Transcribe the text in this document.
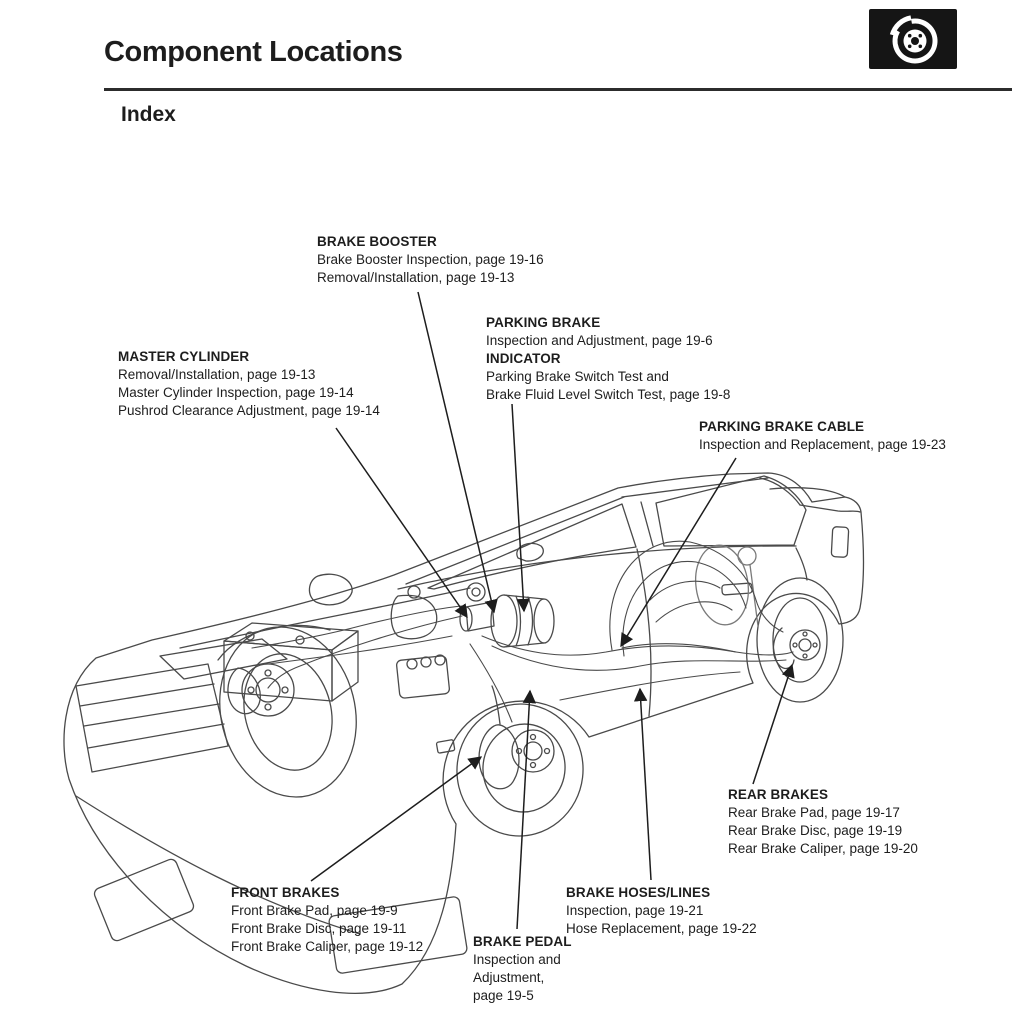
Component Locations
Index
BRAKE BOOSTER
Brake Booster Inspection, page 19-16
Removal/Installation, page 19-13
PARKING BRAKE
Inspection and Adjustment, page 19-6
INDICATOR
Parking Brake Switch Test and
Brake Fluid Level Switch Test, page 19-8
MASTER CYLINDER
Removal/Installation, page 19-13
Master Cylinder Inspection, page 19-14
Pushrod Clearance Adjustment, page 19-14
PARKING BRAKE CABLE
Inspection and Replacement, page 19-23
REAR BRAKES
Rear Brake Pad, page 19-17
Rear Brake Disc, page 19-19
Rear Brake Caliper, page 19-20
FRONT BRAKES
Front Brake Pad, page 19-9
Front Brake Disc, page 19-11
Front Brake Caliper, page 19-12
BRAKE HOSES/LINES
Inspection, page 19-21
Hose Replacement, page 19-22
BRAKE PEDAL
Inspection and
Adjustment,
page 19-5
